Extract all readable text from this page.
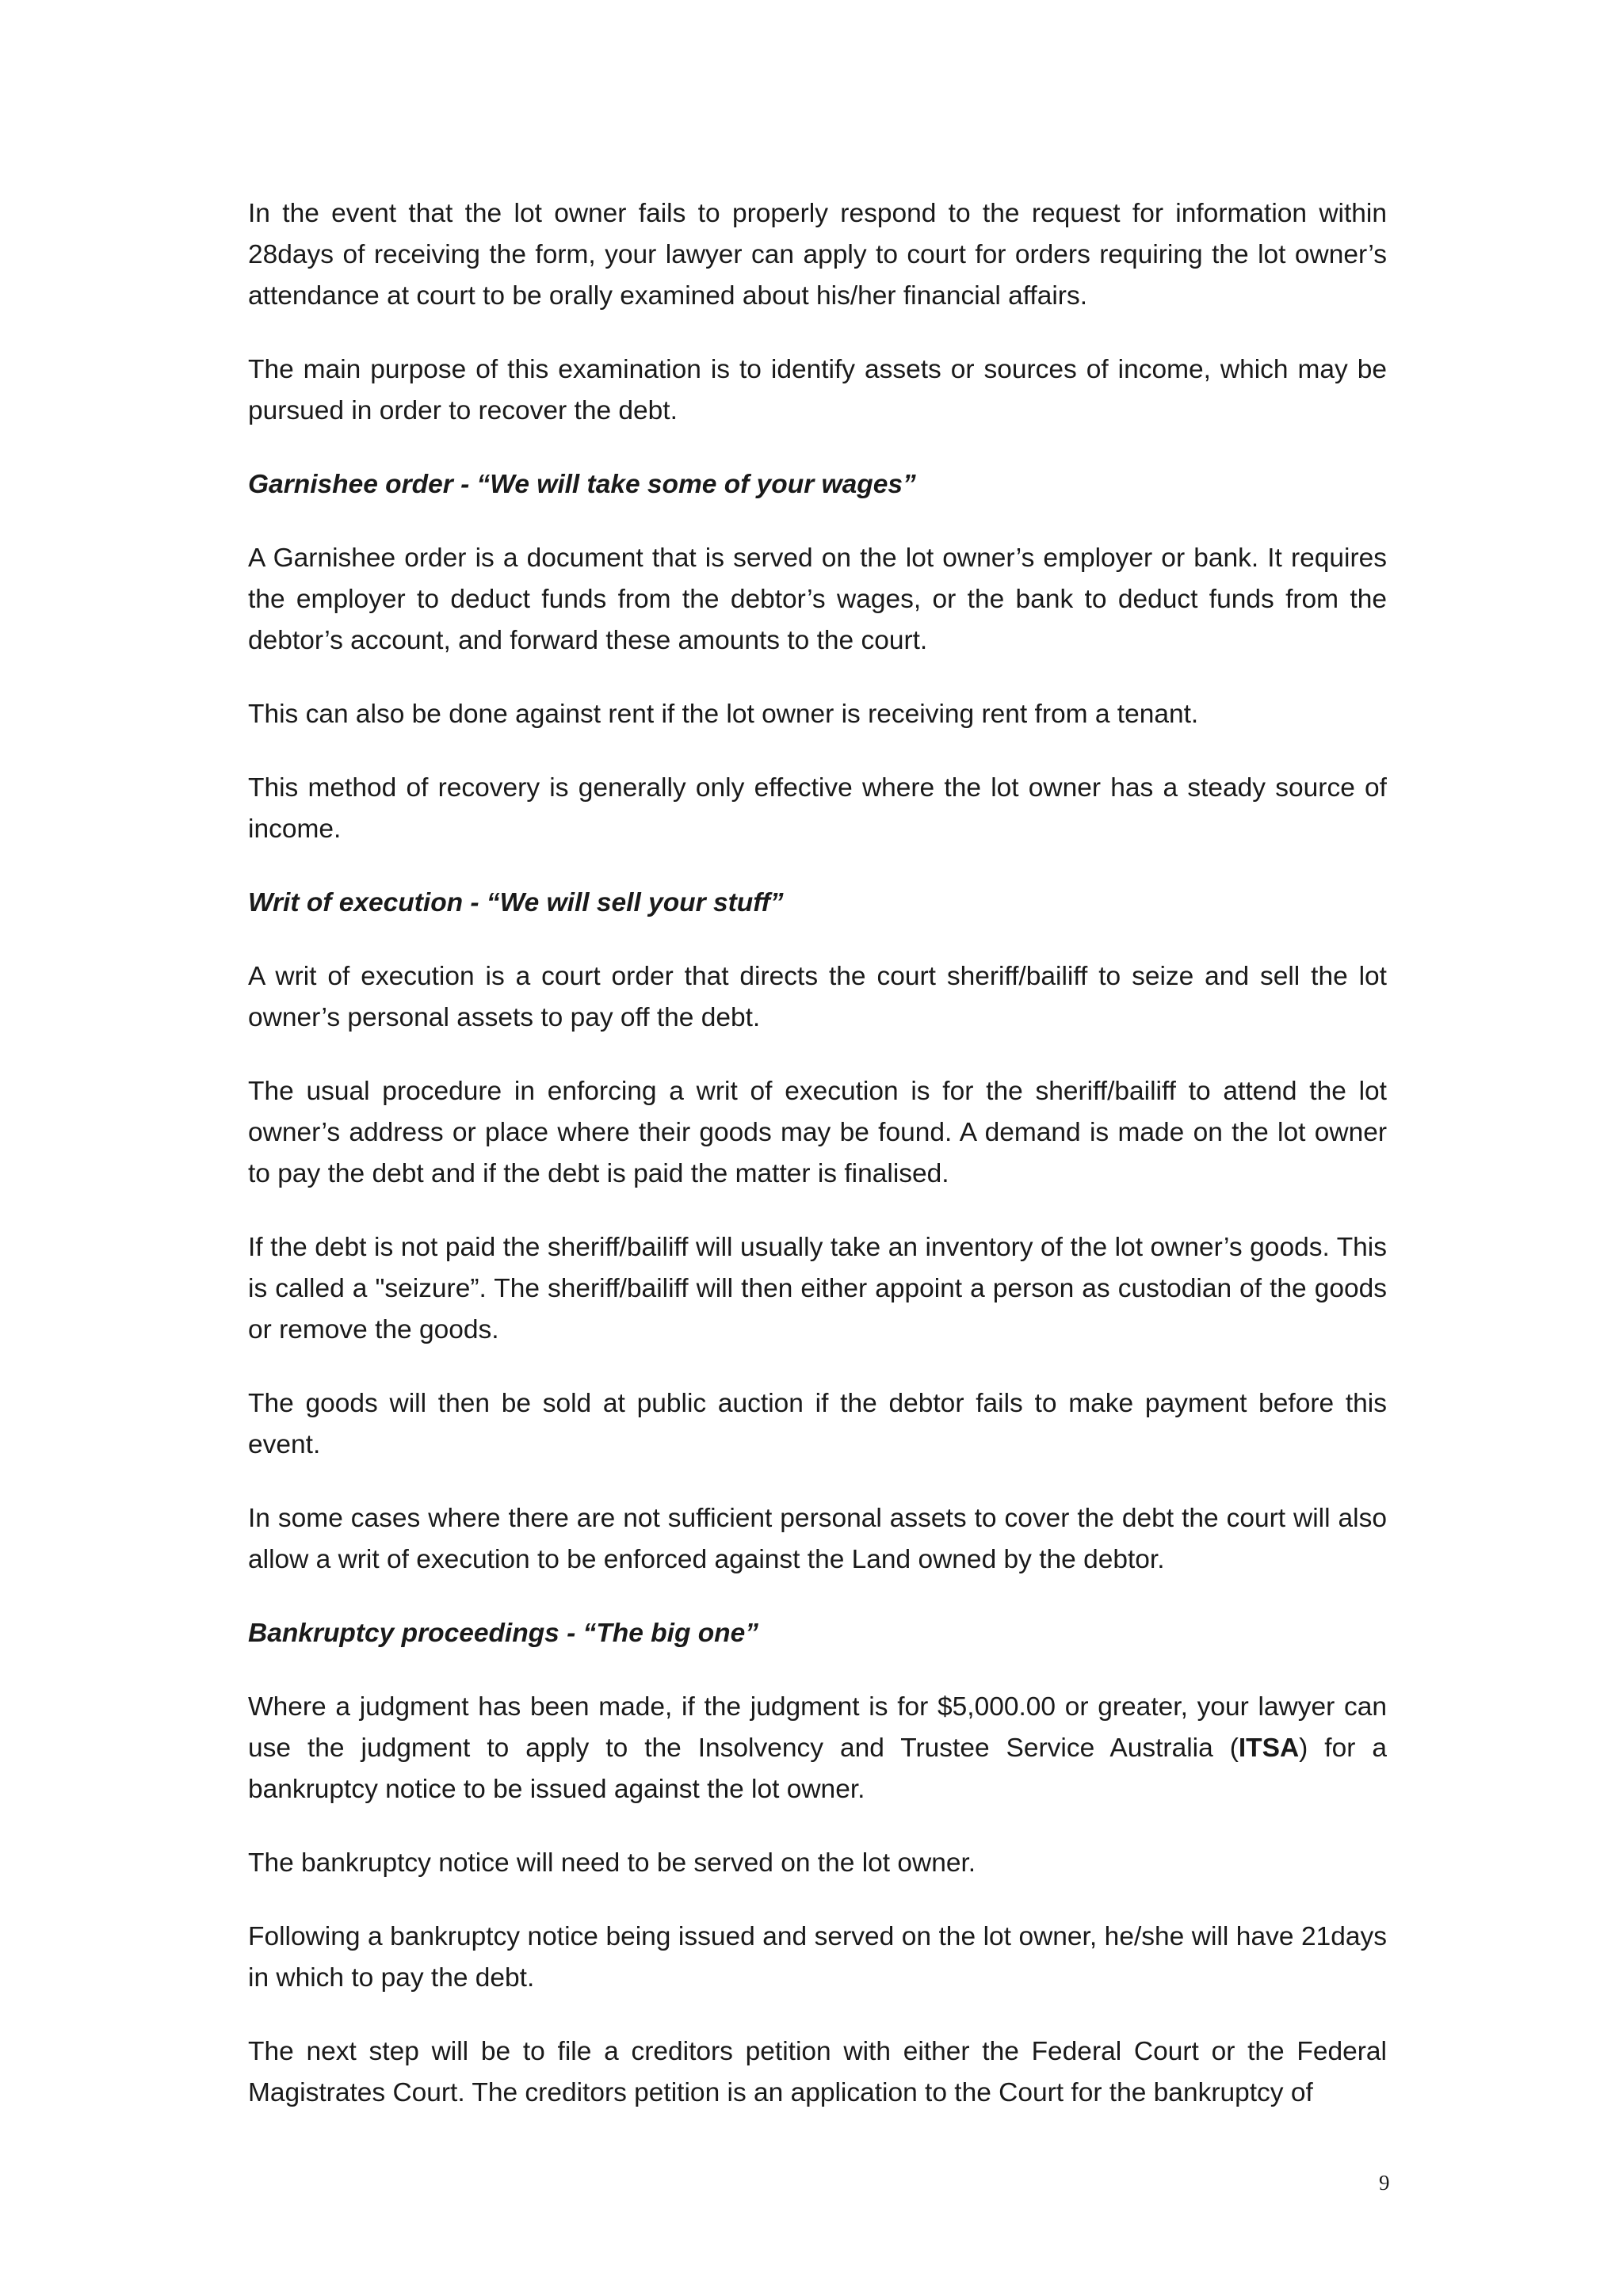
In the event that the lot owner fails to properly respond to the request for information within 28days of receiving the form, your lawyer can apply to court for orders requiring the lot owner’s attendance at court to be orally examined about his/her financial affairs.

The main purpose of this examination is to identify assets or sources of income, which may be pursued in order to recover the debt.

Garnishee order - “We will take some of your wages”

A Garnishee order is a document that is served on the lot owner’s employer or bank. It requires the employer to deduct funds from the debtor’s wages, or the bank to deduct funds from the debtor’s account, and forward these amounts to the court.

This can also be done against rent if the lot owner is receiving rent from a tenant.

This method of recovery is generally only effective where the lot owner has a steady source of income.

Writ of execution - “We will sell your stuff”

A writ of execution is a court order that directs the court sheriff/bailiff to seize and sell the lot owner’s personal assets to pay off the debt.

The usual procedure in enforcing a writ of execution is for the sheriff/bailiff to attend the lot owner’s address or place where their goods may be found. A demand is made on the lot owner to pay the debt and if the debt is paid the matter is finalised.

If the debt is not paid the sheriff/bailiff will usually take an inventory of the lot owner’s goods. This is called a "seizure”. The sheriff/bailiff will then either appoint a person as custodian of the goods or remove the goods.

The goods will then be sold at public auction if the debtor fails to make payment before this event.

In some cases where there are not sufficient personal assets to cover the debt the court will also allow a writ of execution to be enforced against the Land owned by the debtor.

Bankruptcy proceedings - “The big one”

Where a judgment has been made, if the judgment is for $5,000.00 or greater, your lawyer can use the judgment to apply to the Insolvency and Trustee Service Australia (ITSA) for a bankruptcy notice to be issued against the lot owner.

The bankruptcy notice will need to be served on the lot owner.

Following a bankruptcy notice being issued and served on the lot owner, he/she will have 21days in which to pay the debt.

The next step will be to file a creditors petition with either the Federal Court or the Federal Magistrates Court. The creditors petition is an application to the Court for the bankruptcy of

9
